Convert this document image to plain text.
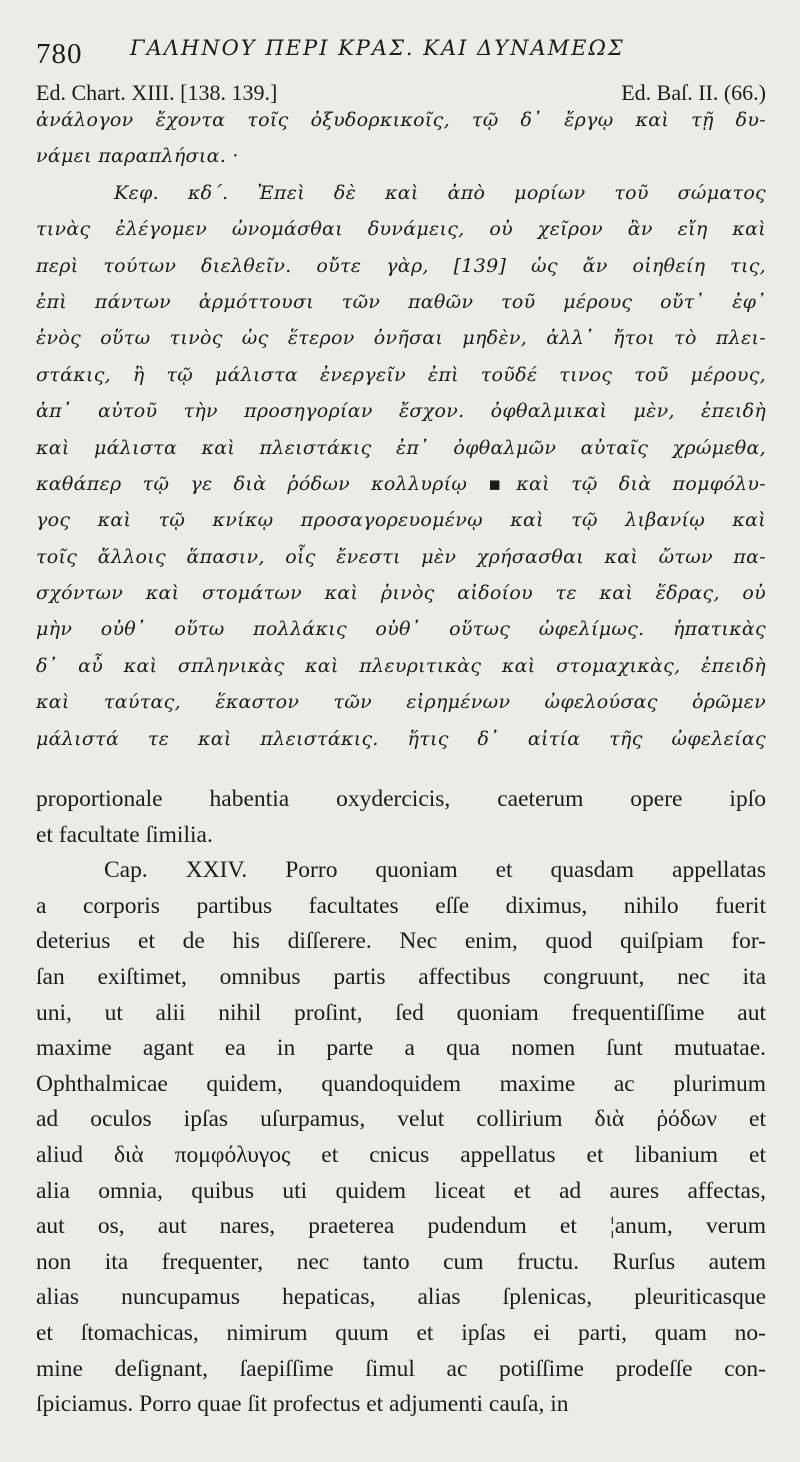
780 ΓΑΛΗΝΟΥ ΠΕΡΙ ΚΡΑΣ. ΚΑΙ ΔΥΝΑΜΕΩΣ
Ed. Chart. XIII. [138. 139.]	Ed. Baſ. II. (66.)
ἀνάλογον ἔχοντα τοῖς ὀξυδορκικοῖς, τῷ δ᾽ ἔργῳ καὶ τῇ δυ-
νάμει παραπλήσια. ·
Κεφ. κδ΄. Ἐπεὶ δὲ καὶ ἀπὸ μορίων τοῦ σώματος
τινὰς ἐλέγομεν ὠνομάσθαι δυνάμεις, οὐ χεῖρον ἂν εἴη καὶ
περὶ τούτων διελθεῖν. οὔτε γὰρ, [139] ὡς ἄν οἰηθείη τις,
ἐπὶ πάντων ἁρμόττουσι τῶν παθῶν τοῦ μέρους οὔτ᾽ ἐφ᾽
ἑνὸς οὕτω τινὸς ὡς ἕτερον ὀνῆσαι μηδὲν, ἀλλ᾽ ἤτοι τὸ πλει-
στάκις, ἢ τῷ μάλιστα ἐνεργεῖν ἐπὶ τοῦδέ τινος τοῦ μέρους,
ἀπ᾽ αὐτοῦ τὴν προσηγορίαν ἔσχον. ὀφθαλμικαὶ μὲν, ἐπειδὴ
καὶ μάλιστα καὶ πλειστάκις ἐπ᾽ ὀφθαλμῶν αὐταῖς χρώμεθα,
καθάπερ τῷ γε διὰ ῥόδων κολλυρίῳ ▪καὶ τῷ διὰ πομφόλυ-
γος καὶ τῷ κνίκῳ προσαγορευομένῳ καὶ τῷ λιβανίῳ καὶ
τοῖς ἄλλοις ἅπασιν, οἷς ἔνεστι μὲν χρήσασθαι καὶ ὤτων πα-
σχόντων καὶ στομάτων καὶ ῥινὸς αἰδοίου τε καὶ ἕδρας, οὐ
μὴν οὐθ᾽ οὕτω πολλάκις οὐθ᾽ οὕτως ὠφελίμως. ἡπατικὰς
δ᾽ αὖ καὶ σπληνικὰς καὶ πλευριτικὰς καὶ στομαχικὰς, ἐπειδὴ
καὶ ταύτας, ἕκαστον τῶν εἰρημένων ὠφελούσας ὁρῶμεν
μάλιστά τε καὶ πλειστάκις. ἥτις δ᾽ αἰτία τῆς ὠφελείας
proportionale habentia oxydercicis, caeterum opere ipſo
et facultate ſimilia.
Cap. XXIV. Porro quoniam et quasdam appellatas
a corporis partibus facultates eſſe diximus, nihilo fuerit
deterius et de his diſſerere. Nec enim, quod quiſpiam for-
ſan exiſtimet, omnibus partis affectibus congruunt, nec ita
uni, ut alii nihil proſint, ſed quoniam frequentiſſime aut
maxime agant ea in parte a qua nomen ſunt mutuatae.
Ophthalmicae quidem, quandoquidem maxime ac plurimum
ad oculos ipſas uſurpamus, velut collirium διὰ ῥόδων et
aliud διὰ πομφόλυγος et cnicus appellatus et libanium et
alia omnia, quibus uti quidem liceat et ad aures affectas,
aut os, aut nares, praeterea pudendum et ¦anum, verum
non ita frequenter, nec tanto cum fructu. Rurſus autem
alias nuncupamus hepaticas, alias ſplenicas, pleuriticasque
et ſtomachicas, nimirum quum et ipſas ei parti, quam no-
mine deſignant, ſaepiſſime ſimul ac potiſſime prodeſſe con-
ſpiciamus. Porro quae ſit profectus et adjumenti cauſa, in
